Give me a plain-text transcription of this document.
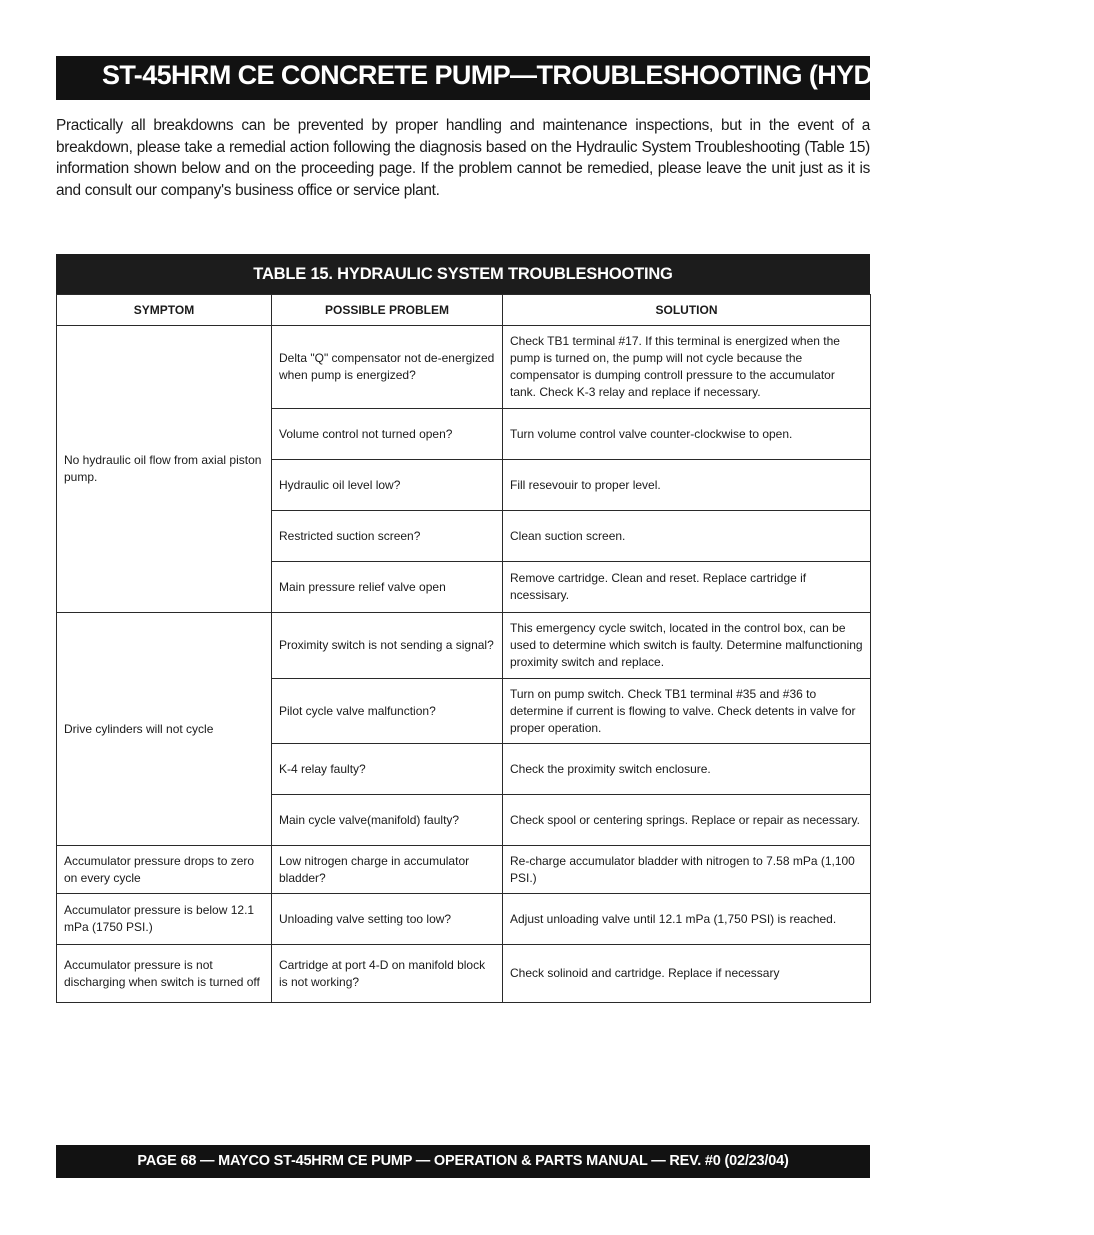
ST-45HRM CE CONCRETE PUMP—TROUBLESHOOTING (HYDRAULIC SYSTEM)

Practically all breakdowns can be prevented by proper handling and maintenance inspections, but in the event of a breakdown, please take a remedial action following the diagnosis based on the Hydraulic System Troubleshooting (Table 15) information shown below and on the proceeding page. If the problem cannot be remedied, please leave the unit just as it is and consult our company's business office or service plant.

TABLE 15. HYDRAULIC SYSTEM TROUBLESHOOTING
SYMPTOM	POSSIBLE PROBLEM	SOLUTION
No hydraulic oil flow from axial piston pump.	Delta "Q" compensator not de-energized when pump is energized?	Check TB1 terminal #17. If this terminal is energized when the pump is turned on, the pump will not cycle because the compensator is dumping controll pressure to the accumulator tank. Check K-3 relay and replace if necessary.
	Volume control not turned open?	Turn volume control valve counter-clockwise to open.
	Hydraulic oil level low?	Fill resevouir to proper level.
	Restricted suction screen?	Clean suction screen.
	Main pressure relief valve open	Remove cartridge. Clean and reset. Replace cartridge if ncessisary.
Drive cylinders will not cycle	Proximity switch is not sending a signal?	This emergency cycle switch, located in the control box, can be used to determine which switch is faulty. Determine malfunctioning proximity switch and replace.
	Pilot cycle valve malfunction?	Turn on pump switch. Check TB1 terminal #35 and #36 to determine if current is flowing to valve. Check detents in valve for proper operation.
	K-4 relay faulty?	Check the proximity switch enclosure.
	Main cycle valve(manifold) faulty?	Check spool or centering springs. Replace or repair as necessary.
Accumulator pressure drops to zero on every cycle	Low nitrogen charge in accumulator bladder?	Re-charge accumulator bladder with nitrogen to 7.58 mPa (1,100 PSI.)
Accumulator pressure is below 12.1 mPa (1750 PSI.)	Unloading valve setting too low?	Adjust unloading valve until 12.1 mPa (1,750 PSI) is reached.
Accumulator pressure is not discharging when switch is turned off	Cartridge at port 4-D on manifold block is not working?	Check solinoid and cartridge. Replace if necessary
PAGE 68 — MAYCO ST-45HRM CE PUMP — OPERATION & PARTS MANUAL — REV. #0 (02/23/04)
